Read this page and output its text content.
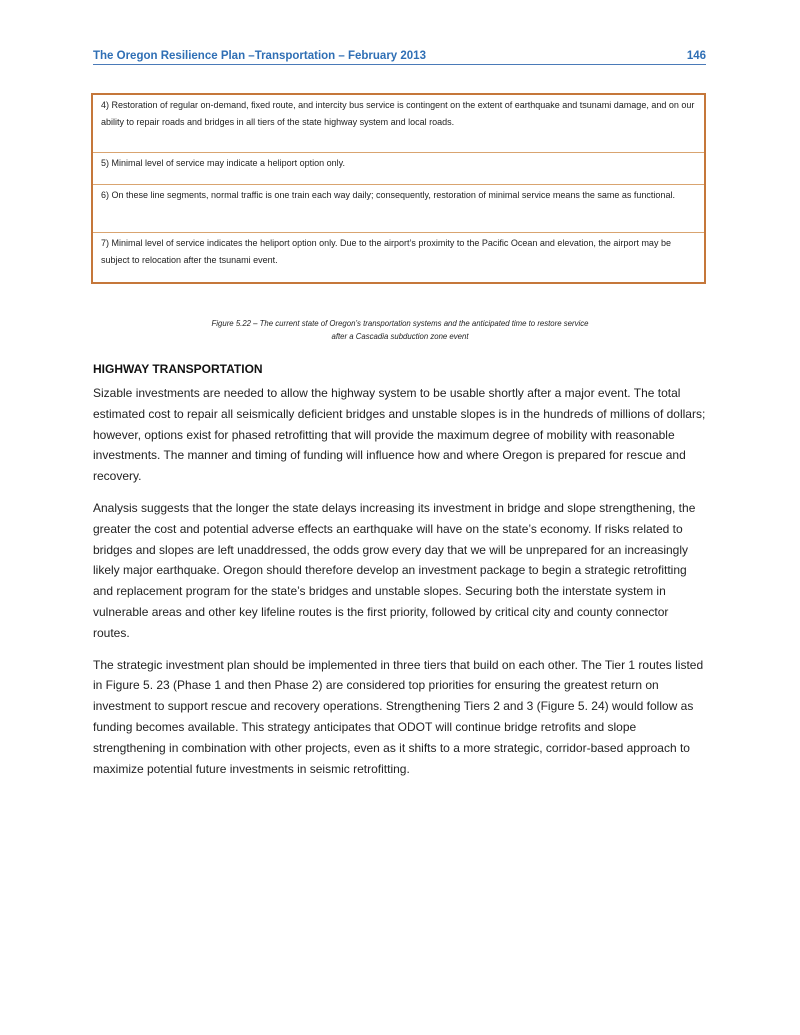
The Oregon Resilience Plan –Transportation – February 2013	146
4) Restoration of regular on-demand, fixed route, and intercity bus service is contingent on the extent of earthquake and tsunami damage, and on our ability to repair roads and bridges in all tiers of the state highway system and local roads.
5) Minimal level of service may indicate a heliport option only.
6) On these line segments, normal traffic is one train each way daily; consequently, restoration of minimal service means the same as functional.
7) Minimal level of service indicates the heliport option only. Due to the airport’s proximity to the Pacific Ocean and elevation, the airport may be subject to relocation after the tsunami event.
Figure 5.22 – The current state of Oregon’s transportation systems and the anticipated time to restore service
after a Cascadia subduction zone event
HIGHWAY TRANSPORTATION

Sizable investments are needed to allow the highway system to be usable shortly after a major event. The total estimated cost to repair all seismically deficient bridges and unstable slopes is in the hundreds of millions of dollars; however, options exist for phased retrofitting that will provide the maximum degree of mobility with reasonable investments. The manner and timing of funding will influence how and where Oregon is prepared for rescue and recovery.

Analysis suggests that the longer the state delays increasing its investment in bridge and slope strengthening, the greater the cost and potential adverse effects an earthquake will have on the state’s economy. If risks related to bridges and slopes are left unaddressed, the odds grow every day that we will be unprepared for an increasingly likely major earthquake. Oregon should therefore develop an investment package to begin a strategic retrofitting and replacement program for the state’s bridges and unstable slopes. Securing both the interstate system in vulnerable areas and other key lifeline routes is the first priority, followed by critical city and county connector routes.

The strategic investment plan should be implemented in three tiers that build on each other. The Tier 1 routes listed in Figure 5. 23 (Phase 1 and then Phase 2) are considered top priorities for ensuring the greatest return on investment to support rescue and recovery operations. Strengthening Tiers 2 and 3 (Figure 5. 24) would follow as funding becomes available. This strategy anticipates that ODOT will continue bridge retrofits and slope strengthening in combination with other projects, even as it shifts to a more strategic, corridor-based approach to maximize potential future investments in seismic retrofitting.
